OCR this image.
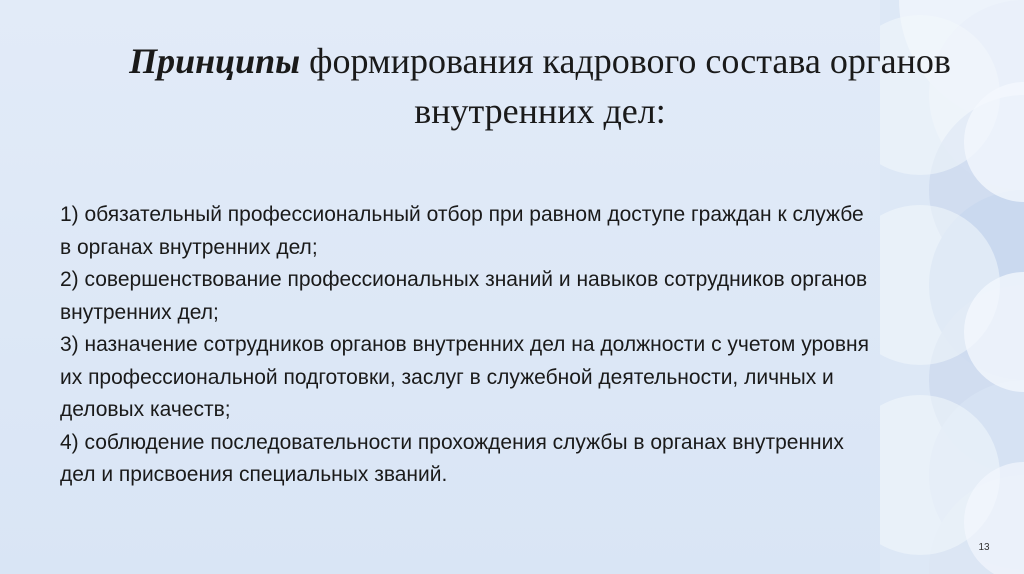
Принципы формирования кадрового состава органов внутренних дел:

1) обязательный профессиональный отбор при равном доступе граждан к службе в органах внутренних дел;

2) совершенствование профессиональных знаний и навыков сотрудников органов внутренних дел;

3) назначение сотрудников органов внутренних дел на должности с учетом уровня их профессиональной подготовки, заслуг в служебной деятельности, личных и деловых качеств;

4) соблюдение последовательности прохождения службы в органах внутренних дел и присвоения специальных званий.

13
